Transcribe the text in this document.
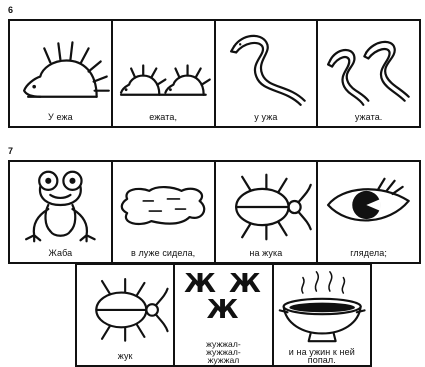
6
У ежа	ежата,	у ужа	ужата.
7
Жаба	в луже сидела,	на жука	глядела;
жук
Ж Ж
Ж
жужжал-
жужжал-
жужжал
и на ужин к ней
попал.
